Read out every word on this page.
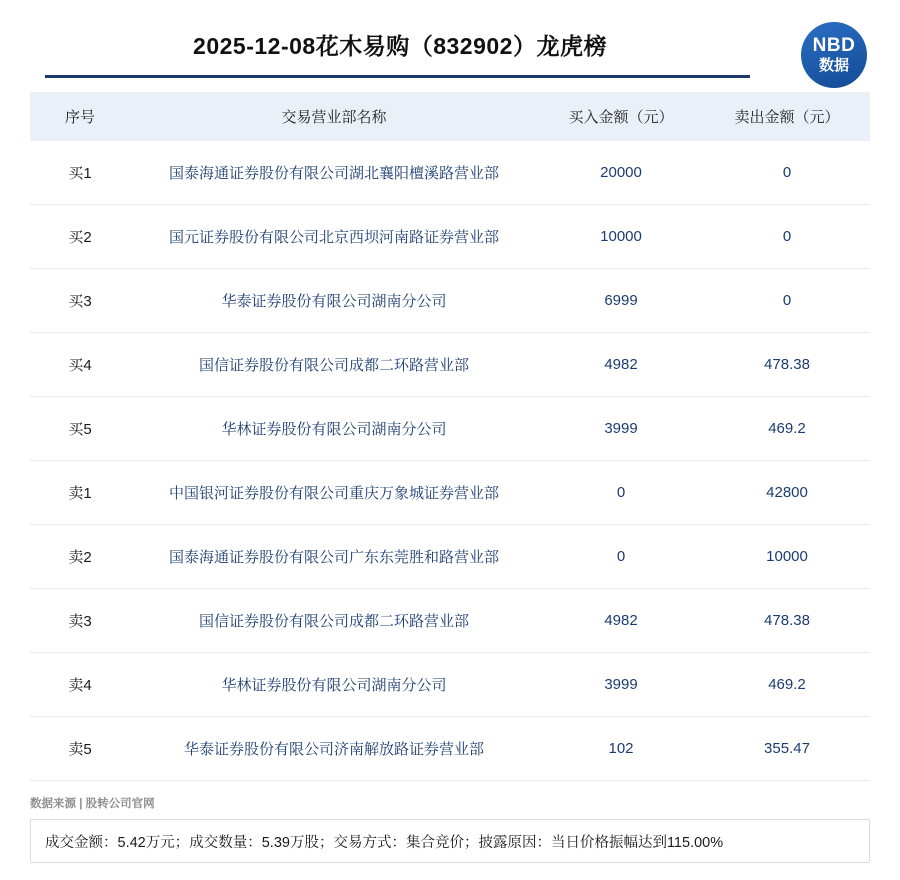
2025-12-08花木易购（832902）龙虎榜	NBD
数据
序号	交易营业部名称	买入金额（元）	卖出金额（元）
买1	国泰海通证券股份有限公司湖北襄阳檀溪路营业部	20000	0
买2	国元证券股份有限公司北京西坝河南路证券营业部	10000	0
买3	华泰证券股份有限公司湖南分公司	6999	0
买4	国信证券股份有限公司成都二环路营业部	4982	478.38
买5	华林证券股份有限公司湖南分公司	3999	469.2
卖1	中国银河证券股份有限公司重庆万象城证券营业部	0	42800
卖2	国泰海通证券股份有限公司广东东莞胜和路营业部	0	10000
卖3	国信证券股份有限公司成都二环路营业部	4982	478.38
卖4	华林证券股份有限公司湖南分公司	3999	469.2
卖5	华泰证券股份有限公司济南解放路证券营业部	102	355.47
数据来源 | 股转公司官网
成交金额：5.42万元；成交数量：5.39万股；交易方式：集合竞价；披露原因：当日价格振幅达到115.00%
